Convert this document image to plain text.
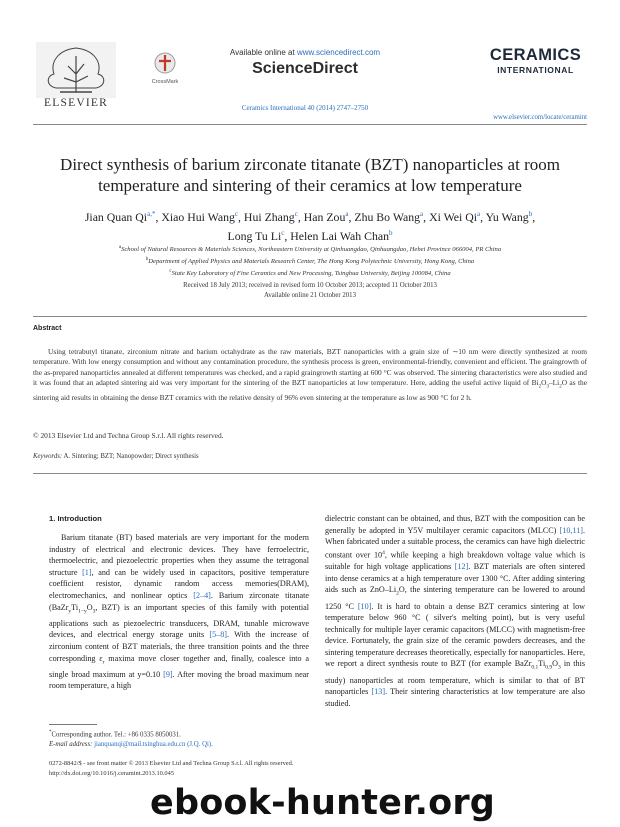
ELSEVIER
CrossMark
Available online at www.sciencedirect.com
ScienceDirect
Ceramics International 40 (2014) 2747–2750
CERAMICS
INTERNATIONAL
www.elsevier.com/locate/ceramint
Direct synthesis of barium zirconate titanate (BZT) nanoparticles at room
temperature and sintering of their ceramics at low temperature
Jian Quan $Qi^{a,*}$, Xiao Hui Wang$^c$, Hui Zhang$^c$, Han Zou$^a$, Zhu Bo Wang$^a$, Xi Wei Qi$^a$, Yu Wang$^b$,
Long Tu Li$^c$, Helen Lai Wah Chan$^b$
$^a$School of Natural Resources & Materials Sciences, Northeastern University at Qinhuangdao, Qinhuangdao, Hebei Province 066004, PR China
$^b$Department of Applied Physics and Materials Research Center, The Hong Kong Polytechnic University, Hong Kong, China
$^c$State Key Laboratory of Fine Ceramics and New Processing, Tsinghua University, Beijing 100084, China
Received 18 July 2013; received in revised form 10 October 2013; accepted 11 October 2013
Available online 21 October 2013
Abstract

Using tetrabutyl titanate, zirconium nitrate and barium octahydrate as the raw materials, BZT nanoparticles with a grain size of ∼10 nm were directly synthesized at room temperature. With low energy consumption and without any contamination procedure, the synthesis process is green, environmental-friendly, convenient and efficient. The graingrowth of the as-prepared nanoparticles annealed at different temperatures was checked, and a rapid graingrowth starting at 600 °C was observed. The sintering characteristics were also studied and it was found that an adapted sintering aid was very important for the sintering of the BZT nanoparticles at low temperature. Here, adding the useful active liquid of $Bi_2O_3-Li_2O$ as the sintering aid results in obtaining the dense BZT ceramics with the relative density of 96% even sintering at the temperature as low as 900 °C for 2 h.

© 2013 Elsevier Ltd and Techna Group S.r.l. All rights reserved.
Keywords: A. Sintering; BZT; Nanopowder; Direct synthesis
1. Introduction

Barium titanate (BT) based materials are very important for the modern industry of electrical and electronic devices. They have ferroelectric, thermoelectric, and piezoelectric properties when they assume the tetragonal structure [1], and can be widely used in capacitors, positive temperature coefficient resistor, dynamic random access memories(DRAM), electromechanics, and nonlinear optics [2–4]. Barium zirconate titanate ($BaZr_yTi_{1-y}O_3$, BZT) is an important species of this family with potential applications such as piezoelectric transducers, DRAM, tunable microwave devices, and electrical energy storage units [5–8]. With the increase of zirconium content of BZT materials, the three transition points and the three corresponding $\varepsilon_r$ maxima move closer together and, finally, coalesce into a single broad maximum at y=0.10 [9]. After moving the broad maximum near room temperature, a high

dielectric constant can be obtained, and thus, BZT with the composition can be generally be adopted in Y5V multilayer ceramic capacitors (MLCC) [10,11]. When fabricated under a suitable process, the ceramics can have high dielectric constant over $10^4$, while keeping a high breakdown voltage value which is suitable for high voltage applications [12]. BZT materials are often sintered into dense ceramics at a high temperature over 1300 °C. After adding sintering aids such as ZnO–$Li_2O$, the sintering temperature can be lowered to around 1250 °C [10]. It is hard to obtain a dense BZT ceramics sintering at low temperature below 960 °C ( silver's melting point), but is very useful technically for multiple layer ceramic capacitors (MLCC) with magnetism-free device. Fortunately, the grain size of the ceramic powders decreases, and the sintering temperature decreases theoretically, especially for nanoparticles. Here, we report a direct synthesis route to BZT (for example $BaZr_{0.1}Ti_{0.9}O_3$ in this study) nanoparticles at room temperature, which is similar to that of BT nanoparticles [13]. Their sintering characteristics at low temperature are also studied.

*Corresponding author. Tel.: +86 0335 8050031.
E-mail address: jianquanqi@mail.tsinghua.edu.cn (J.Q. Qi).
0272-8842/$ - see front matter © 2013 Elsevier Ltd and Techna Group S.r.l. All rights reserved.
http://dx.doi.org/10.1016/j.ceramint.2013.10.045
ebook-hunter.org
